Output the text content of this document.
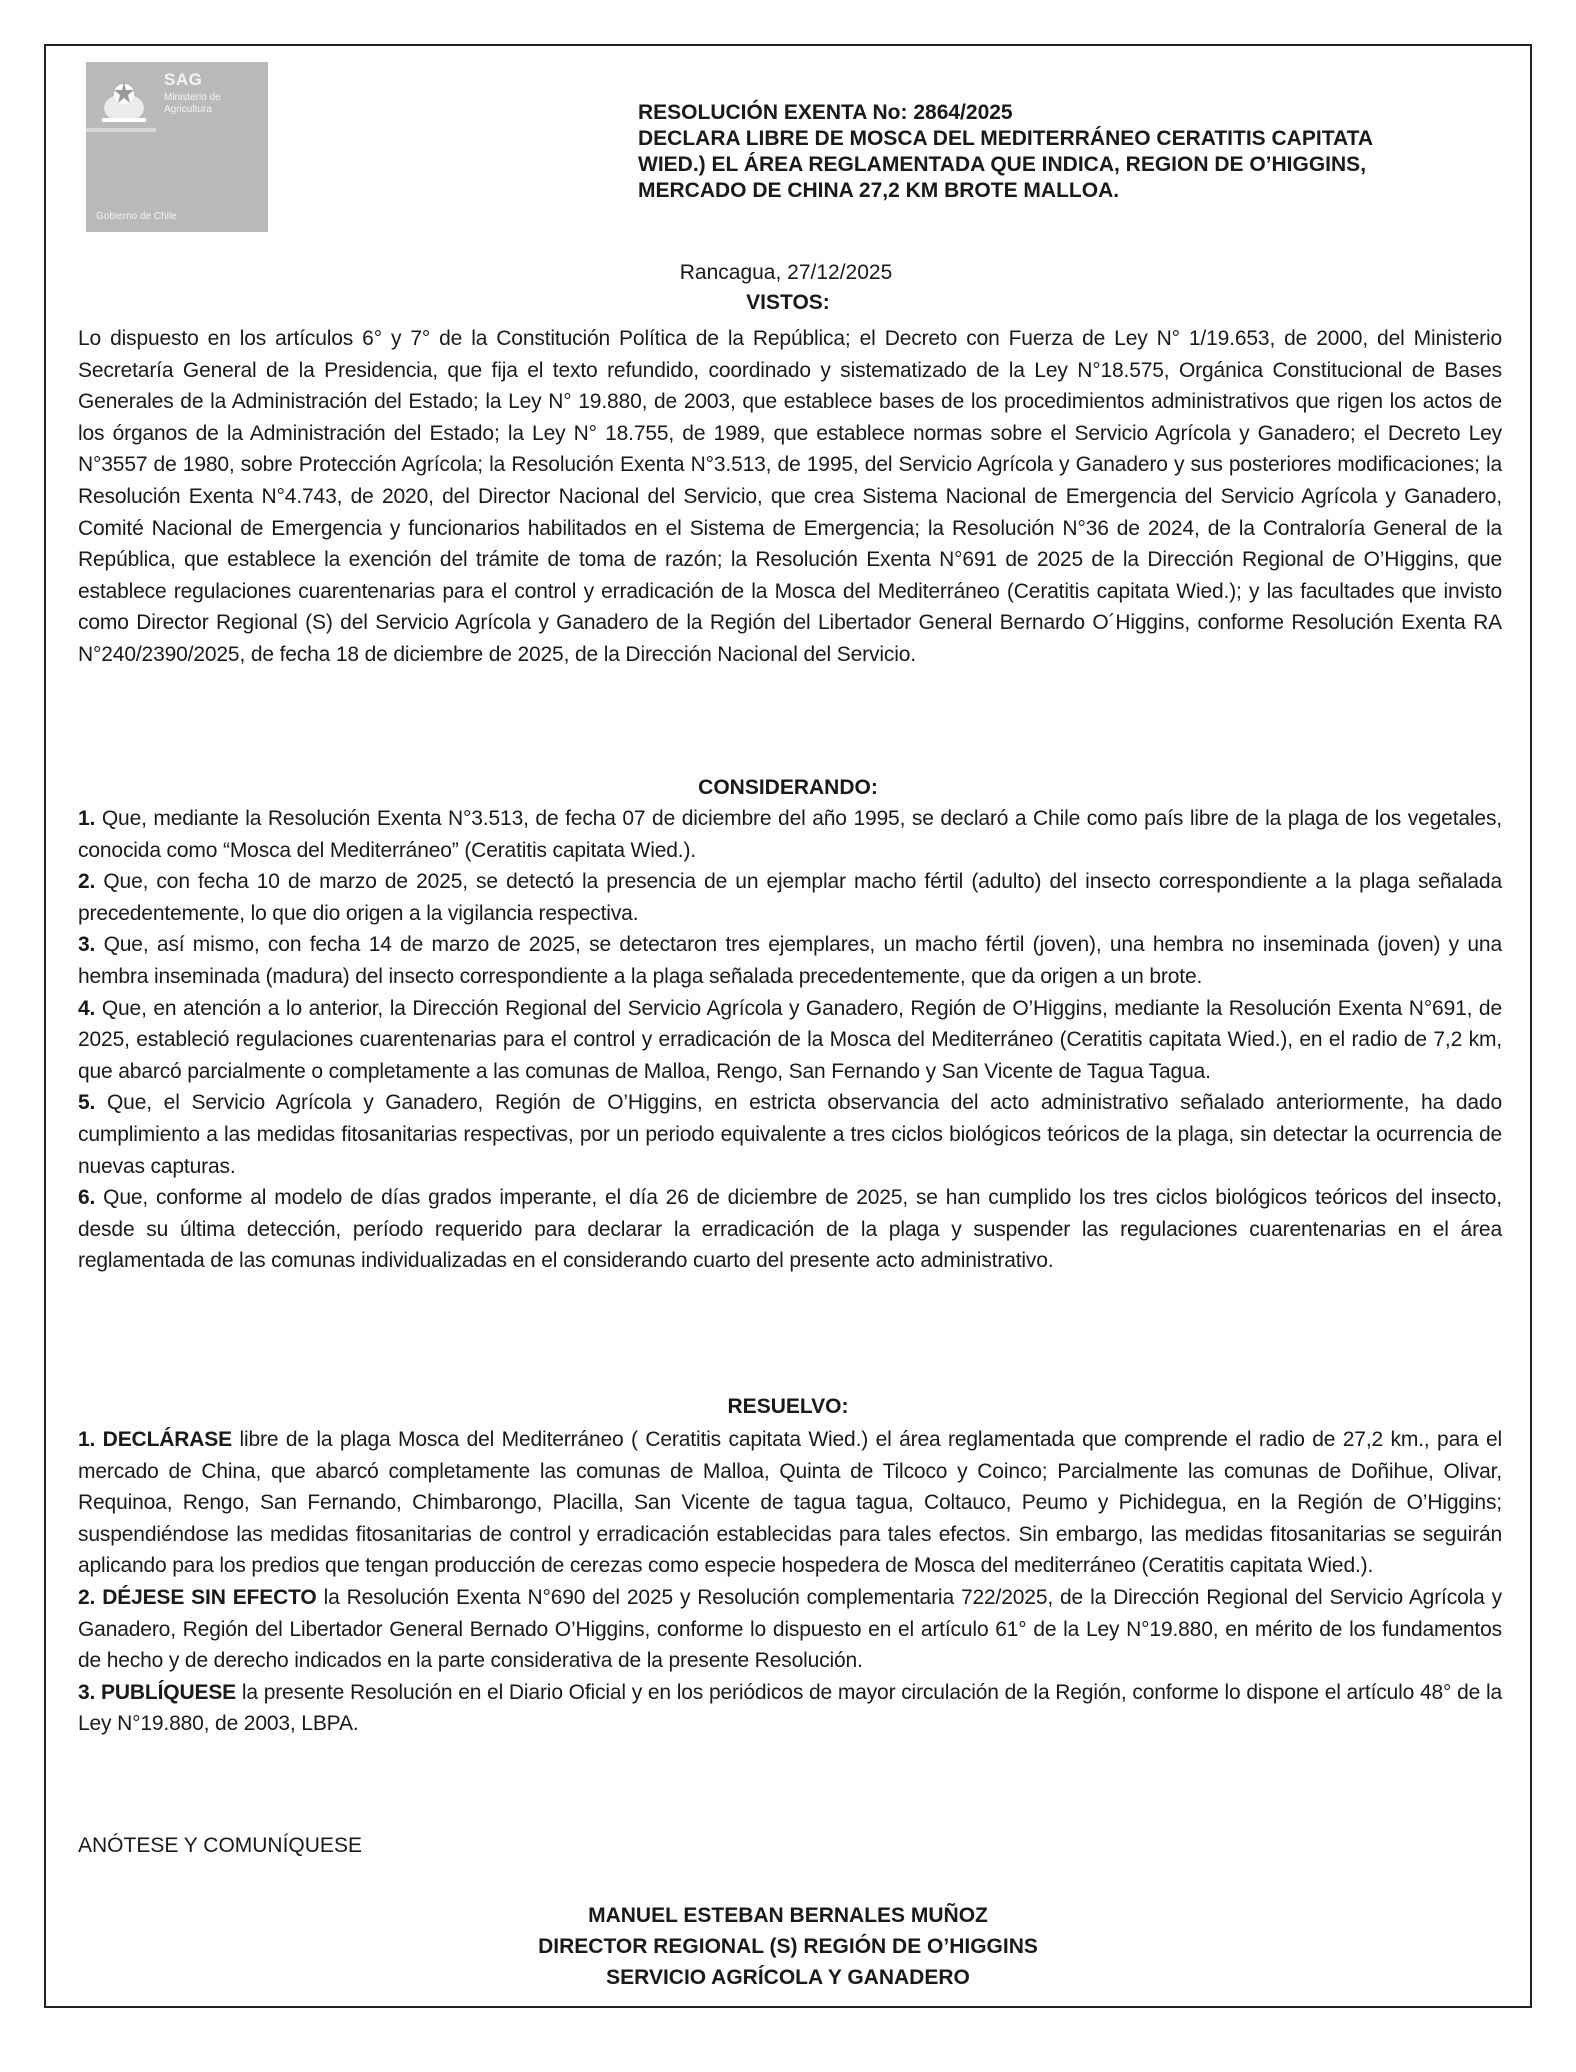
SAG
Ministerio de Agricultura
Gobierno de Chile
RESOLUCIÓN EXENTA No: 2864/2025
DECLARA LIBRE DE MOSCA DEL MEDITERRÁNEO CERATITIS CAPITATA
WIED.) EL ÁREA REGLAMENTADA QUE INDICA, REGION DE O’HIGGINS,
MERCADO DE CHINA 27,2 KM BROTE MALLOA.
Rancagua, 27/12/2025
VISTOS:
Lo dispuesto en los artículos 6° y 7° de la Constitución Política de la República; el Decreto con Fuerza de Ley N° 1/19.653, de 2000, del Ministerio Secretaría General de la Presidencia, que fija el texto refundido, coordinado y sistematizado de la Ley N°18.575, Orgánica Constitucional de Bases Generales de la Administración del Estado; la Ley N° 19.880, de 2003, que establece bases de los procedimientos administrativos que rigen los actos de los órganos de la Administración del Estado; la Ley N° 18.755, de 1989, que establece normas sobre el Servicio Agrícola y Ganadero; el Decreto Ley N°3557 de 1980, sobre Protección Agrícola; la Resolución Exenta N°3.513, de 1995, del Servicio Agrícola y Ganadero y sus posteriores modificaciones; la Resolución Exenta N°4.743, de 2020, del Director Nacional del Servicio, que crea Sistema Nacional de Emergencia del Servicio Agrícola y Ganadero, Comité Nacional de Emergencia y funcionarios habilitados en el Sistema de Emergencia; la Resolución N°36 de 2024, de la Contraloría General de la República, que establece la exención del trámite de toma de razón; la Resolución Exenta N°691 de 2025 de la Dirección Regional de O’Higgins, que establece regulaciones cuarentenarias para el control y erradicación de la Mosca del Mediterráneo (Ceratitis capitata Wied.); y las facultades que invisto como Director Regional (S) del Servicio Agrícola y Ganadero de la Región del Libertador General Bernardo O´Higgins, conforme Resolución Exenta RA N°240/2390/2025, de fecha 18 de diciembre de 2025, de la Dirección Nacional del Servicio.
CONSIDERANDO:
1. Que, mediante la Resolución Exenta N°3.513, de fecha 07 de diciembre del año 1995, se declaró a Chile como país libre de la plaga de los vegetales, conocida como “Mosca del Mediterráneo” (Ceratitis capitata Wied.).
2. Que, con fecha 10 de marzo de 2025, se detectó la presencia de un ejemplar macho fértil (adulto) del insecto correspondiente a la plaga señalada precedentemente, lo que dio origen a la vigilancia respectiva.
3. Que, así mismo, con fecha 14 de marzo de 2025, se detectaron tres ejemplares, un macho fértil (joven), una hembra no inseminada (joven) y una hembra inseminada (madura) del insecto correspondiente a la plaga señalada precedentemente, que da origen a un brote.
4. Que, en atención a lo anterior, la Dirección Regional del Servicio Agrícola y Ganadero, Región de O’Higgins, mediante la Resolución Exenta N°691, de 2025, estableció regulaciones cuarentenarias para el control y erradicación de la Mosca del Mediterráneo (Ceratitis capitata Wied.), en el radio de 7,2 km, que abarcó parcialmente o completamente a las comunas de Malloa, Rengo, San Fernando y San Vicente de Tagua Tagua.
5. Que, el Servicio Agrícola y Ganadero, Región de O’Higgins, en estricta observancia del acto administrativo señalado anteriormente, ha dado cumplimiento a las medidas fitosanitarias respectivas, por un periodo equivalente a tres ciclos biológicos teóricos de la plaga, sin detectar la ocurrencia de nuevas capturas.
6. Que, conforme al modelo de días grados imperante, el día 26 de diciembre de 2025, se han cumplido los tres ciclos biológicos teóricos del insecto, desde su última detección, período requerido para declarar la erradicación de la plaga y suspender las regulaciones cuarentenarias en el área reglamentada de las comunas individualizadas en el considerando cuarto del presente acto administrativo.
RESUELVO:
1. DECLÁRASE libre de la plaga Mosca del Mediterráneo ( Ceratitis capitata Wied.) el área reglamentada que comprende el radio de 27,2 km., para el mercado de China, que abarcó completamente las comunas de Malloa, Quinta de Tilcoco y Coinco; Parcialmente las comunas de Doñihue, Olivar, Requinoa, Rengo, San Fernando, Chimbarongo, Placilla, San Vicente de tagua tagua, Coltauco, Peumo y Pichidegua, en la Región de O’Higgins; suspendiéndose las medidas fitosanitarias de control y erradicación establecidas para tales efectos. Sin embargo, las medidas fitosanitarias se seguirán aplicando para los predios que tengan producción de cerezas como especie hospedera de Mosca del mediterráneo (Ceratitis capitata Wied.).
2. DÉJESE SIN EFECTO la Resolución Exenta N°690 del 2025 y Resolución complementaria 722/2025, de la Dirección Regional del Servicio Agrícola y Ganadero, Región del Libertador General Bernado O’Higgins, conforme lo dispuesto en el artículo 61° de la Ley N°19.880, en mérito de los fundamentos de hecho y de derecho indicados en la parte considerativa de la presente Resolución.
3. PUBLÍQUESE la presente Resolución en el Diario Oficial y en los periódicos de mayor circulación de la Región, conforme lo dispone el artículo 48° de la Ley N°19.880, de 2003, LBPA.
ANÓTESE Y COMUNÍQUESE
MANUEL ESTEBAN BERNALES MUÑOZ
DIRECTOR REGIONAL (S) REGIÓN DE O’HIGGINS
SERVICIO AGRÍCOLA Y GANADERO
